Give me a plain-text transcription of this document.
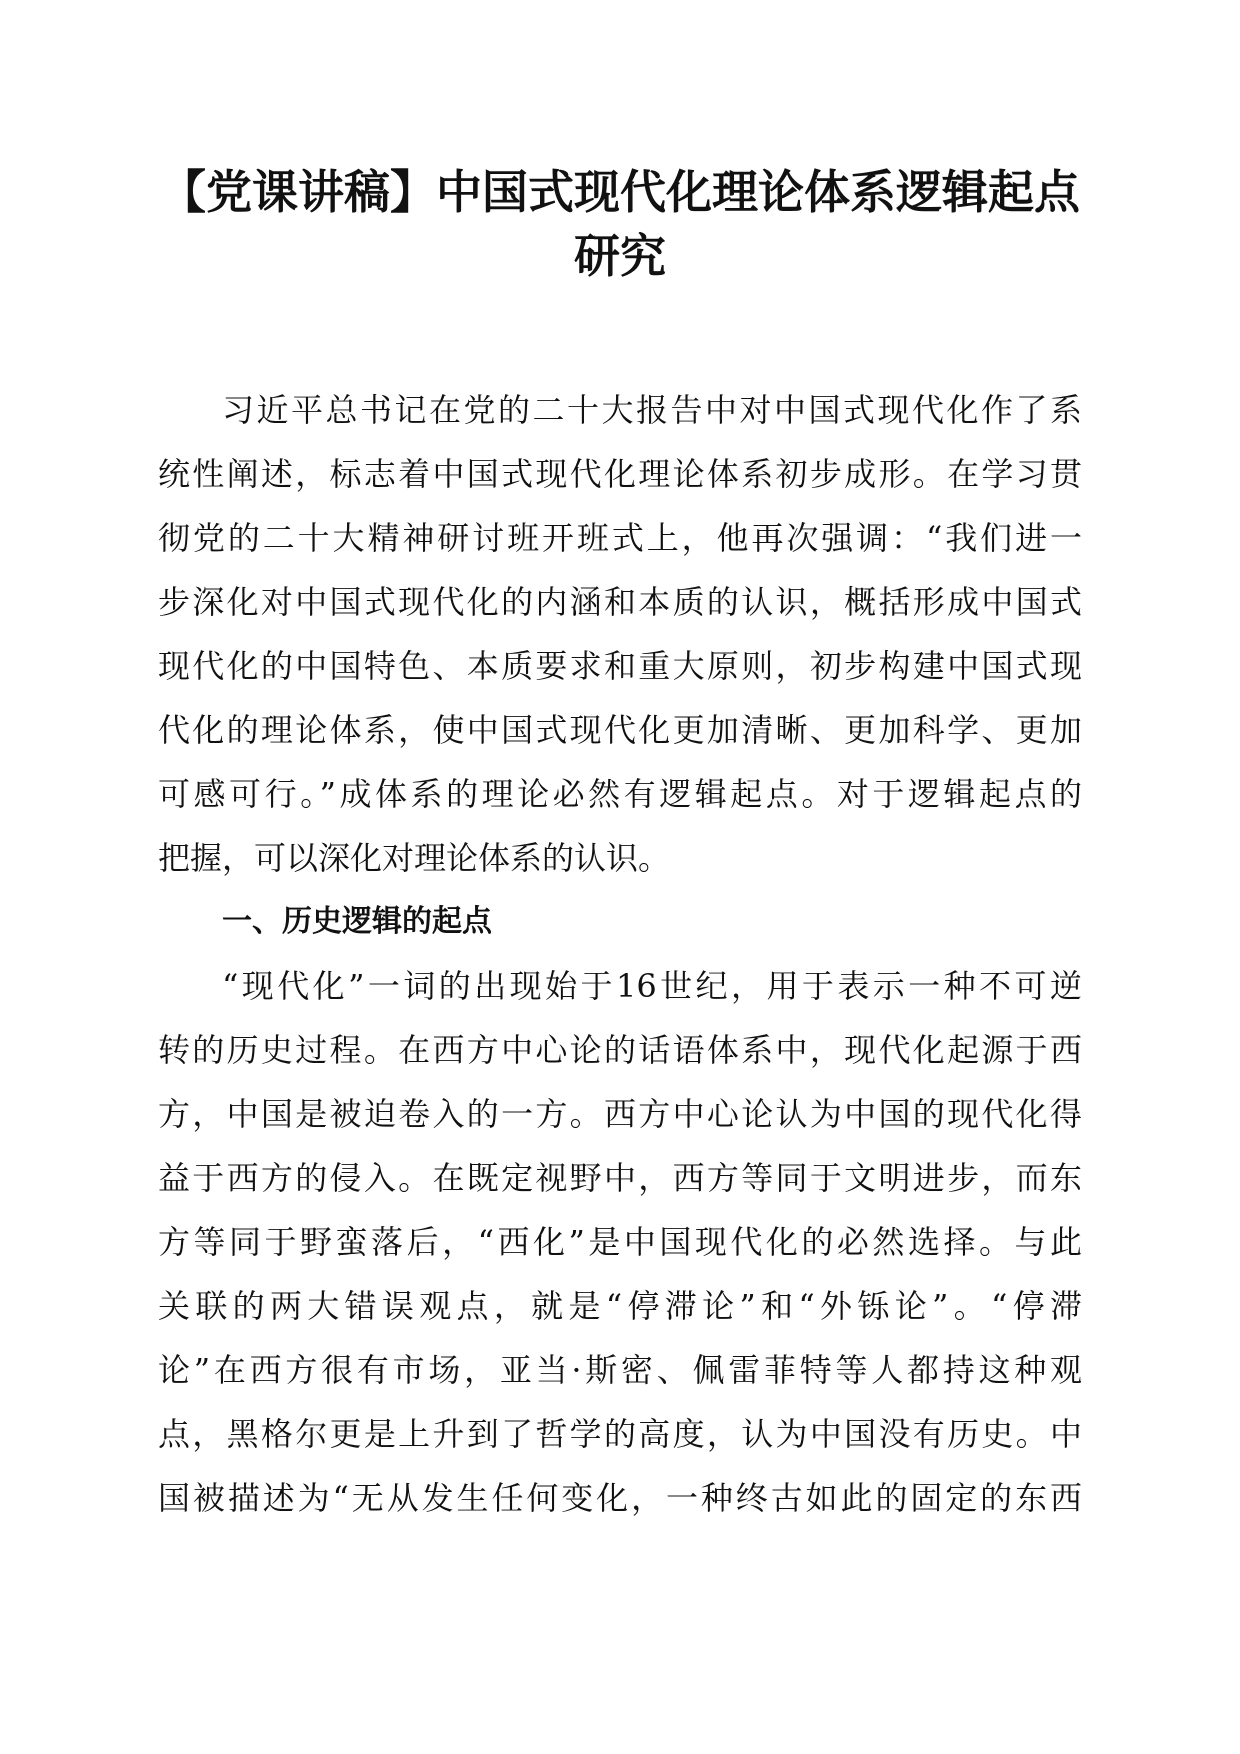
【党课讲稿】中国式现代化理论体系逻辑起点
研究
习近平总书记在党的二十大报告中对中国式现代化作了系
统性阐述，标志着中国式现代化理论体系初步成形。在学习贯
彻党的二十大精神研讨班开班式上，他再次强调：“我们进一
步深化对中国式现代化的内涵和本质的认识，概括形成中国式
现代化的中国特色、本质要求和重大原则，初步构建中国式现
代化的理论体系，使中国式现代化更加清晰、更加科学、更加
可感可行。”成体系的理论必然有逻辑起点。对于逻辑起点的
把握，可以深化对理论体系的认识。
一、历史逻辑的起点
“现代化”一词的出现始于16世纪，用于表示一种不可逆
转的历史过程。在西方中心论的话语体系中，现代化起源于西
方，中国是被迫卷入的一方。西方中心论认为中国的现代化得
益于西方的侵入。在既定视野中，西方等同于文明进步，而东
方等同于野蛮落后，“西化”是中国现代化的必然选择。与此
关联的两大错误观点，就是“停滞论”和“外铄论”。“停滞
论”在西方很有市场，亚当·斯密、佩雷菲特等人都持这种观
点，黑格尔更是上升到了哲学的高度，认为中国没有历史。中
国被描述为“无从发生任何变化，一种终古如此的固定的东西
